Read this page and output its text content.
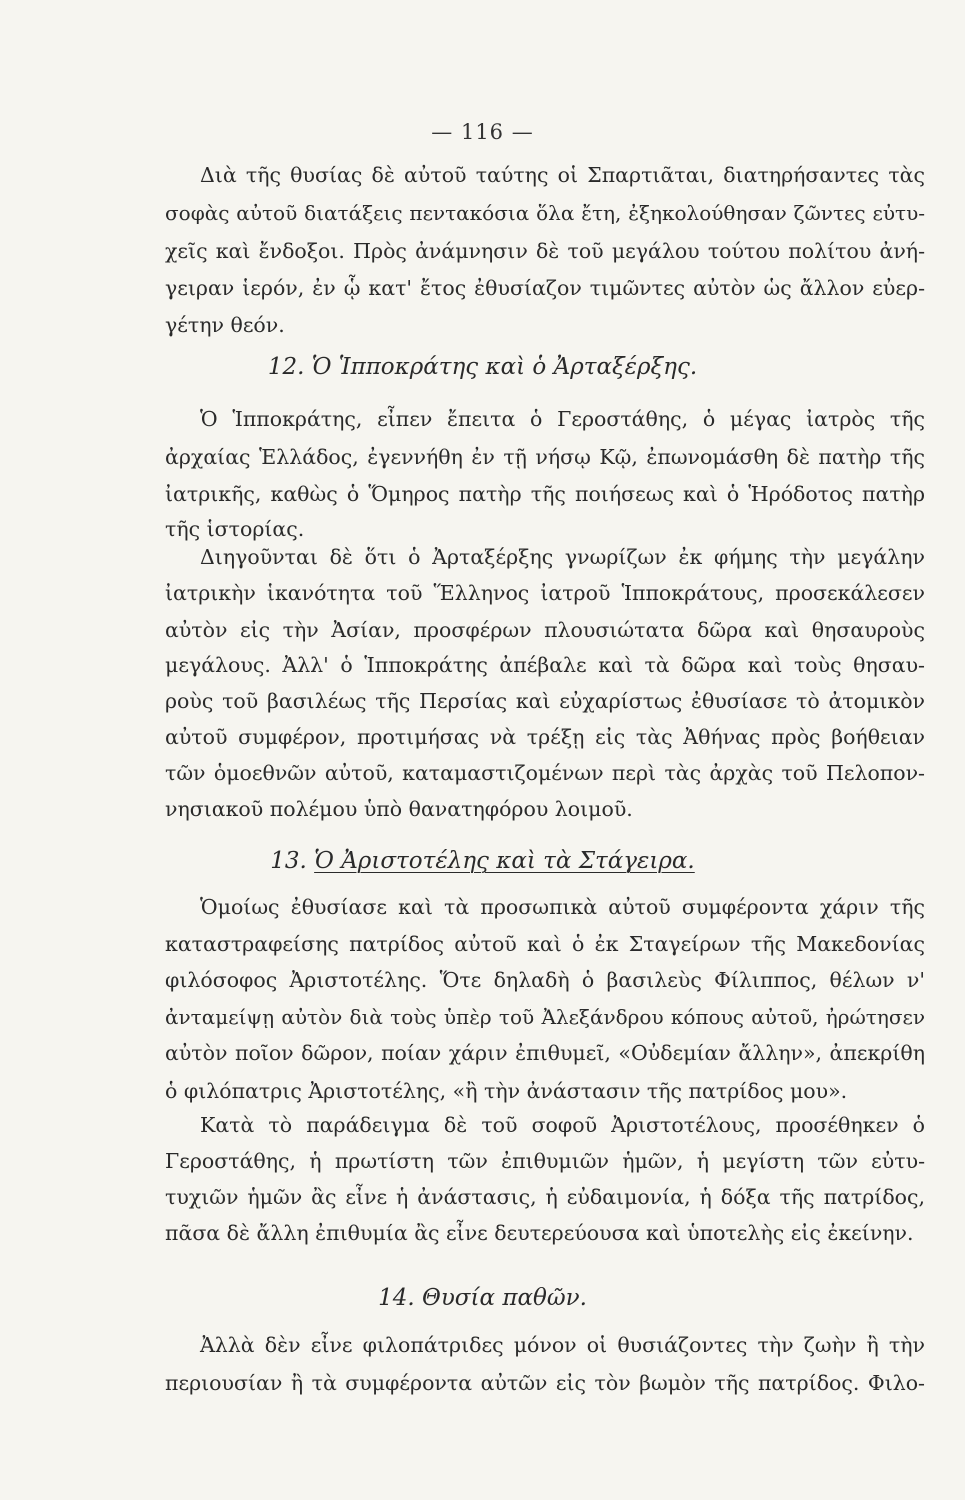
— 116 —
Διὰ τῆς θυσίας δὲ αὐτοῦ ταύτης οἱ Σπαρτιᾶται, διατηρήσαντες τὰς
σοφὰς αὐτοῦ διατάξεις πεντακόσια ὅλα ἔτη, ἐξηκολούθησαν ζῶντες εὐτυ-
χεῖς καὶ ἔνδοξοι. Πρὸς ἀνάμνησιν δὲ τοῦ μεγάλου τούτου πολίτου ἀνή-
γειραν ἱερόν, ἐν ᾧ κατ' ἔτος ἐθυσίαζον τιμῶντες αὐτὸν ὡς ἄλλον εὐερ-
γέτην θεόν.
12. Ὁ Ἱπποκράτης καὶ ὁ Ἀρταξέρξης.
Ὁ Ἱπποκράτης, εἶπεν ἔπειτα ὁ Γεροστάθης, ὁ μέγας ἰατρὸς τῆς
ἀρχαίας Ἑλλάδος, ἐγεννήθη ἐν τῇ νήσῳ Κῷ, ἐπωνομάσθη δὲ πατὴρ τῆς
ἰατρικῆς, καθὼς ὁ Ὅμηρος πατὴρ τῆς ποιήσεως καὶ ὁ Ἡρόδοτος πατὴρ
τῆς ἱστορίας.
Διηγοῦνται δὲ ὅτι ὁ Ἀρταξέρξης γνωρίζων ἐκ φήμης τὴν μεγάλην
ἰατρικὴν ἱκανότητα τοῦ Ἕλληνος ἰατροῦ Ἱπποκράτους, προσεκάλεσεν
αὐτὸν εἰς τὴν Ἀσίαν, προσφέρων πλουσιώτατα δῶρα καὶ θησαυροὺς
μεγάλους. Ἀλλ' ὁ Ἱπποκράτης ἀπέβαλε καὶ τὰ δῶρα καὶ τοὺς θησαυ-
ροὺς τοῦ βασιλέως τῆς Περσίας καὶ εὐχαρίστως ἐθυσίασε τὸ ἀτομικὸν
αὐτοῦ συμφέρον, προτιμήσας νὰ τρέξῃ εἰς τὰς Ἀθήνας πρὸς βοήθειαν
τῶν ὁμοεθνῶν αὐτοῦ, καταμαστιζομένων περὶ τὰς ἀρχὰς τοῦ Πελοπον-
νησιακοῦ πολέμου ὑπὸ θανατηφόρου λοιμοῦ.
13. Ὁ Ἀριστοτέλης καὶ τὰ Στάγειρα.
Ὁμοίως ἐθυσίασε καὶ τὰ προσωπικὰ αὐτοῦ συμφέροντα χάριν τῆς
καταστραφείσης πατρίδος αὐτοῦ καὶ ὁ ἐκ Σταγείρων τῆς Μακεδονίας
φιλόσοφος Ἀριστοτέλης. Ὅτε δηλαδὴ ὁ βασιλεὺς Φίλιππος, θέλων ν'
ἀνταμείψῃ αὐτὸν διὰ τοὺς ὑπὲρ τοῦ Ἀλεξάνδρου κόπους αὐτοῦ, ἠρώτησεν
αὐτὸν ποῖον δῶρον, ποίαν χάριν ἐπιθυμεῖ, «Οὐδεμίαν ἄλλην», ἀπεκρίθη
ὁ φιλόπατρις Ἀριστοτέλης, «ἢ τὴν ἀνάστασιν τῆς πατρίδος μου».
Κατὰ τὸ παράδειγμα δὲ τοῦ σοφοῦ Ἀριστοτέλους, προσέθηκεν ὁ
Γεροστάθης, ἡ πρωτίστη τῶν ἐπιθυμιῶν ἡμῶν, ἡ μεγίστη τῶν εὐτυ-
τυχιῶν ἡμῶν ἂς εἶνε ἡ ἀνάστασις, ἡ εὐδαιμονία, ἡ δόξα τῆς πατρίδος,
πᾶσα δὲ ἄλλη ἐπιθυμία ἂς εἶνε δευτερεύουσα καὶ ὑποτελὴς εἰς ἐκείνην.
14. Θυσία παθῶν.
Ἀλλὰ δὲν εἶνε φιλοπάτριδες μόνον οἱ θυσιάζοντες τὴν ζωὴν ἢ τὴν
περιουσίαν ἢ τὰ συμφέροντα αὐτῶν εἰς τὸν βωμὸν τῆς πατρίδος. Φιλο-
